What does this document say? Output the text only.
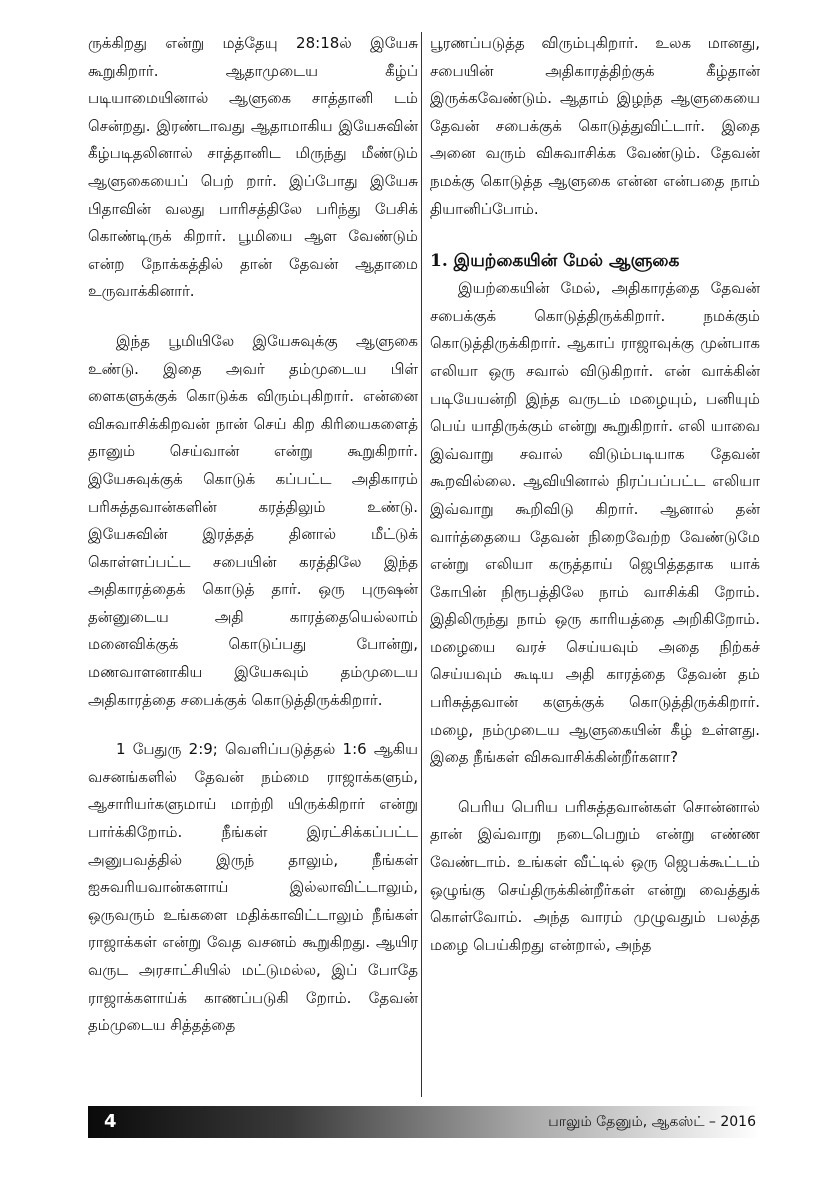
ருக்கிறது என்று மத்தேயு 28:18ல் இயேசு கூறுகிறார். ஆதாமுடைய கீழ்ப் படியாமையினால் ஆளுகை சாத்தானி டம் சென்றது. இரண்டாவது ஆதாமாகிய இயேசுவின் கீழ்படிதலினால் சாத்தானிட மிருந்து மீண்டும் ஆளுகையைப் பெற் றார். இப்போது இயேசு பிதாவின் வலது பாரிசத்திலே பரிந்து பேசிக் கொண்டிருக் கிறார். பூமியை ஆள வேண்டும் என்ற நோக்கத்தில் தான் தேவன் ஆதாமை உருவாக்கினார்.

இந்த பூமியிலே இயேசுவுக்கு ஆளுகை உண்டு. இதை அவர் தம்முடைய பிள் ளைகளுக்குக் கொடுக்க விரும்புகிறார். என்னை விசுவாசிக்கிறவன் நான் செய் கிற கிரியைகளைத் தானும் செய்வான் என்று கூறுகிறார். இயேசுவுக்குக் கொடுக் கப்பட்ட அதிகாரம் பரிசுத்தவான்களின் கரத்திலும் உண்டு. இயேசுவின் இரத்தத் தினால் மீட்டுக் கொள்ளப்பட்ட சபையின் கரத்திலே இந்த அதிகாரத்தைக் கொடுத் தார். ஒரு புருஷன் தன்னுடைய அதி காரத்தையெல்லாம் மனைவிக்குக் கொடுப்பது போன்று, மணவாளனாகிய இயேசுவும் தம்முடைய அதிகாரத்தை சபைக்குக் கொடுத்திருக்கிறார்.

1 பேதுரு 2:9; வெளிப்படுத்தல் 1:6 ஆகிய வசனங்களில் தேவன் நம்மை ராஜாக்களும், ஆசாரியர்களுமாய் மாற்றி யிருக்கிறார் என்று பார்க்கிறோம். நீங்கள் இரட்சிக்கப்பட்ட அனுபவத்தில் இருந் தாலும், நீங்கள் ஐசுவரியவான்களாய் இல்லாவிட்டாலும், ஒருவரும் உங்களை மதிக்காவிட்டாலும் நீங்கள் ராஜாக்கள் என்று வேத வசனம் கூறுகிறது. ஆயிர வருட அரசாட்சியில் மட்டுமல்ல, இப் போதே ராஜாக்களாய்க் காணப்படுகி றோம். தேவன் தம்முடைய சித்தத்தை

பூரணப்படுத்த விரும்புகிறார். உலக மானது, சபையின் அதிகாரத்திற்குக் கீழ்தான் இருக்கவேண்டும். ஆதாம் இழந்த ஆளுகையை தேவன் சபைக்குக் கொடுத்துவிட்டார். இதை அனை வரும் விசுவாசிக்க வேண்டும். தேவன் நமக்கு கொடுத்த ஆளுகை என்ன என்பதை நாம் தியானிப்போம்.

1. இயற்கையின் மேல் ஆளுகை

இயற்கையின் மேல், அதிகாரத்தை தேவன் சபைக்குக் கொடுத்திருக்கிறார். நமக்கும் கொடுத்திருக்கிறார். ஆகாப் ராஜாவுக்கு முன்பாக எலியா ஒரு சவால் விடுகிறார். என் வாக்கின் படியேயன்றி இந்த வருடம் மழையும், பனியும் பெய் யாதிருக்கும் என்று கூறுகிறார். எலி யாவை இவ்வாறு சவால் விடும்படியாக தேவன் கூறவில்லை. ஆவியினால் நிரப்பப்பட்ட எலியா இவ்வாறு கூறிவிடு கிறார். ஆனால் தன் வார்த்தையை தேவன் நிறைவேற்ற வேண்டுமே என்று எலியா கருத்தாய் ஜெபித்ததாக யாக் கோபின் நிரூபத்திலே நாம் வாசிக்கி றோம். இதிலிருந்து நாம் ஒரு காரியத்தை அறிகிறோம். மழையை வரச் செய்யவும் அதை நிற்கச் செய்யவும் கூடிய அதி காரத்தை தேவன் தம் பரிசுத்தவான் களுக்குக் கொடுத்திருக்கிறார். மழை, நம்முடைய ஆளுகையின் கீழ் உள்ளது. இதை நீங்கள் விசுவாசிக்கின்றீர்களா?

பெரிய பெரிய பரிசுத்தவான்கள் சொன்னால் தான் இவ்வாறு நடைபெறும் என்று எண்ண வேண்டாம். உங்கள் வீட்டில் ஒரு ஜெபக்கூட்டம் ஒழுங்கு செய்திருக்கின்றீர்கள் என்று வைத்துக் கொள்வோம். அந்த வாரம் முழுவதும் பலத்த மழை பெய்கிறது என்றால், அந்த

4	பாலும் தேனும், ஆகஸ்ட் – 2016
